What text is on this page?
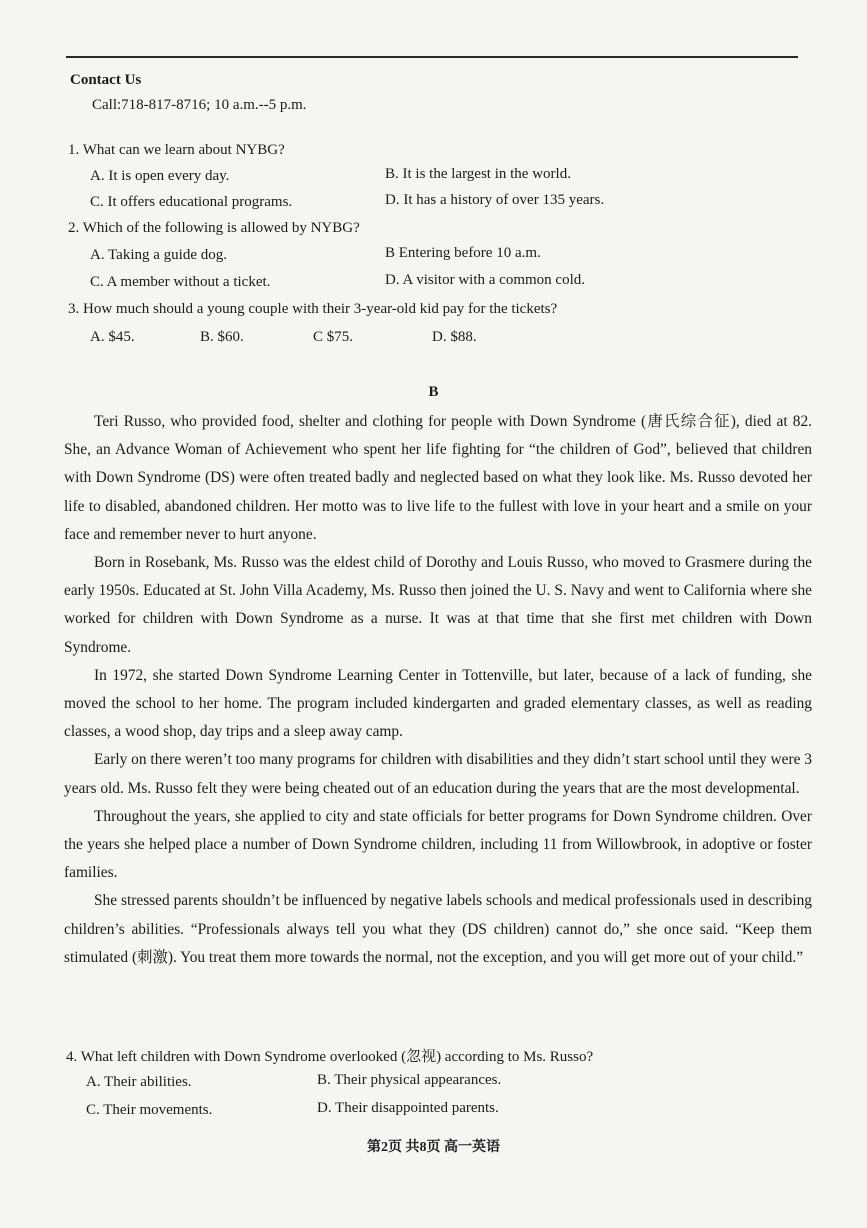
Contact Us
Call:718-817-8716; 10 a.m.--5 p.m.
1. What can we learn about NYBG?
A. It is open every day.	B. It is the largest in the world.
C. It offers educational programs.	D. It has a history of over 135 years.
2. Which of the following is allowed by NYBG?
A. Taking a guide dog.	B Entering before 10 a.m.
C. A member without a ticket.	D. A visitor with a common cold.
3. How much should a young couple with their 3-year-old kid pay for the tickets?
A. $45.	B. $60.	C $75.	D. $88.
B

Teri Russo, who provided food, shelter and clothing for people with Down Syndrome (唐氏综合征), died at 82. She, an Advance Woman of Achievement who spent her life fighting for “the children of God”, believed that children with Down Syndrome (DS) were often treated badly and neglected based on what they look like. Ms. Russo devoted her life to disabled, abandoned children. Her motto was to live life to the fullest with love in your heart and a smile on your face and remember never to hurt anyone.

Born in Rosebank, Ms. Russo was the eldest child of Dorothy and Louis Russo, who moved to Grasmere during the early 1950s. Educated at St. John Villa Academy, Ms. Russo then joined the U. S. Navy and went to California where she worked for children with Down Syndrome as a nurse. It was at that time that she first met children with Down Syndrome.

In 1972, she started Down Syndrome Learning Center in Tottenville, but later, because of a lack of funding, she moved the school to her home. The program included kindergarten and graded elementary classes, as well as reading classes, a wood shop, day trips and a sleep away camp.

Early on there weren’t too many programs for children with disabilities and they didn’t start school until they were 3 years old. Ms. Russo felt they were being cheated out of an education during the years that are the most developmental.

Throughout the years, she applied to city and state officials for better programs for Down Syndrome children. Over the years she helped place a number of Down Syndrome children, including 11 from Willowbrook, in adoptive or foster families.

She stressed parents shouldn’t be influenced by negative labels schools and medical professionals used in describing children’s abilities. “Professionals always tell you what they (DS children) cannot do,” she once said. “Keep them stimulated (刺激). You treat them more towards the normal, not the exception, and you will get more out of your child.”

4. What left children with Down Syndrome overlooked (忽视) according to Ms. Russo?
A. Their abilities.	B. Their physical appearances.
C. Their movements.	D. Their disappointed parents.
第2页 共8页 高一英语
